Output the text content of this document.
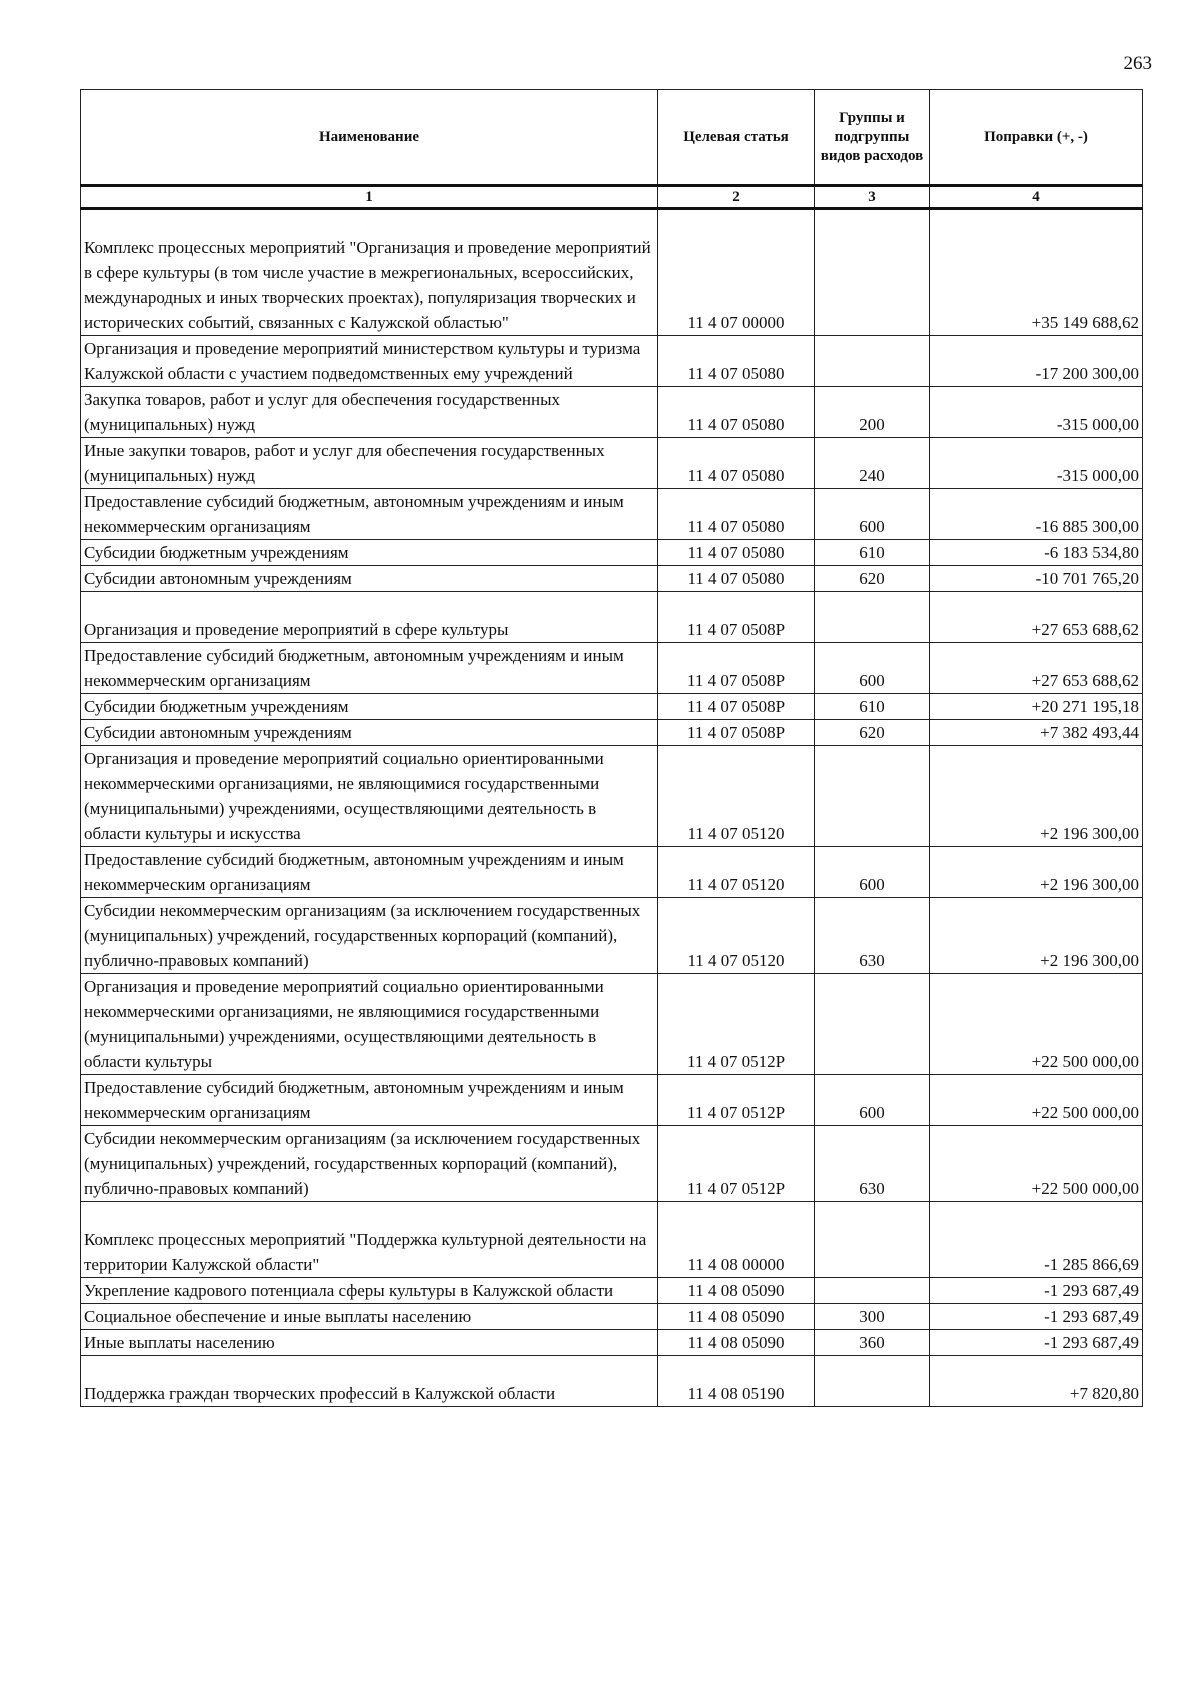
263
Наименование	Целевая статья	Группы и подгруппы видов расходов	Поправки (+, -)
1	2	3	4
Комплекс процессных мероприятий "Организация и проведение мероприятий в сфере культуры (в том числе участие в межрегиональных, всероссийских, международных и иных творческих проектах), популяризация творческих и исторических событий, связанных с Калужской областью"	11 4 07 00000		+35 149 688,62
Организация и проведение мероприятий министерством культуры и туризма Калужской области с участием подведомственных ему учреждений	11 4 07 05080		-17 200 300,00
Закупка товаров, работ и услуг для обеспечения государственных (муниципальных) нужд	11 4 07 05080	200	-315 000,00
Иные закупки товаров, работ и услуг для обеспечения государственных (муниципальных) нужд	11 4 07 05080	240	-315 000,00
Предоставление субсидий бюджетным, автономным учреждениям и иным некоммерческим организациям	11 4 07 05080	600	-16 885 300,00
Субсидии бюджетным учреждениям	11 4 07 05080	610	-6 183 534,80
Субсидии автономным учреждениям	11 4 07 05080	620	-10 701 765,20
Организация и проведение мероприятий в сфере культуры	11 4 07 0508Р		+27 653 688,62
Предоставление субсидий бюджетным, автономным учреждениям и иным некоммерческим организациям	11 4 07 0508Р	600	+27 653 688,62
Субсидии бюджетным учреждениям	11 4 07 0508Р	610	+20 271 195,18
Субсидии автономным учреждениям	11 4 07 0508Р	620	+7 382 493,44
Организация и проведение мероприятий социально ориентированными некоммерческими организациями, не являющимися государственными (муниципальными) учреждениями, осуществляющими деятельность в области культуры и искусства	11 4 07 05120		+2 196 300,00
Предоставление субсидий бюджетным, автономным учреждениям и иным некоммерческим организациям	11 4 07 05120	600	+2 196 300,00
Субсидии некоммерческим организациям (за исключением государственных (муниципальных) учреждений, государственных корпораций (компаний), публично-правовых компаний)	11 4 07 05120	630	+2 196 300,00
Организация и проведение мероприятий социально ориентированными некоммерческими организациями, не являющимися государственными (муниципальными) учреждениями, осуществляющими деятельность в области культуры	11 4 07 0512Р		+22 500 000,00
Предоставление субсидий бюджетным, автономным учреждениям и иным некоммерческим организациям	11 4 07 0512Р	600	+22 500 000,00
Субсидии некоммерческим организациям (за исключением государственных (муниципальных) учреждений, государственных корпораций (компаний), публично-правовых компаний)	11 4 07 0512Р	630	+22 500 000,00
Комплекс процессных мероприятий "Поддержка культурной деятельности на территории Калужской области"	11 4 08 00000		-1 285 866,69
Укрепление кадрового потенциала сферы культуры в Калужской области	11 4 08 05090		-1 293 687,49
Социальное обеспечение и иные выплаты населению	11 4 08 05090	300	-1 293 687,49
Иные выплаты населению	11 4 08 05090	360	-1 293 687,49
Поддержка граждан творческих профессий в Калужской области	11 4 08 05190		+7 820,80
